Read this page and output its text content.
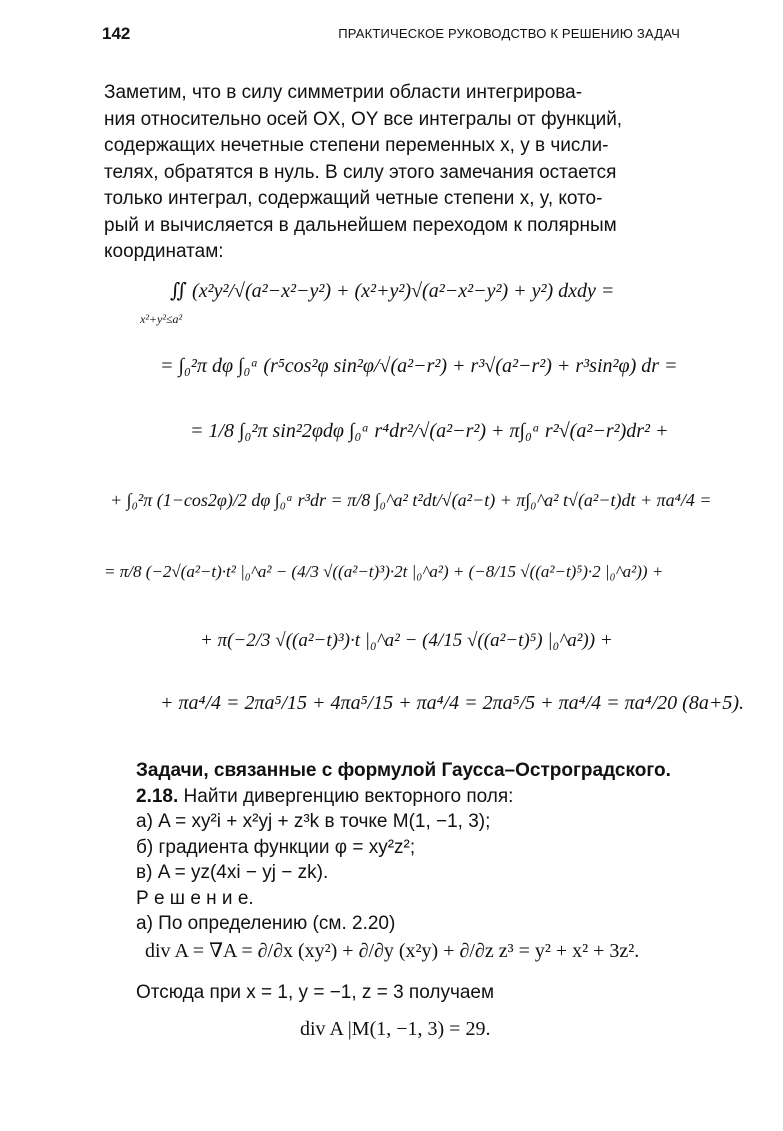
142	ПРАКТИЧЕСКОЕ РУКОВОДСТВО К РЕШЕНИЮ ЗАДАЧ
Заметим, что в силу симметрии области интегрирова-
ния относительно осей OX, OY все интегралы от функций,
содержащих нечетные степени переменных x, y в числи-
телях, обратятся в нуль. В силу этого замечания остается
только интеграл, содержащий четные степени x, y, кото-
рый и вычисляется в дальнейшем переходом к полярным
координатам:
∬ (x²y²/√(a²−x²−y²) + (x²+y²)√(a²−x²−y²) + y²) dxdy =
x²+y²≤a²
= ∫₀²π dφ ∫₀ᵃ (r⁵cos²φ sin²φ/√(a²−r²) + r³√(a²−r²) + r³sin²φ) dr =
= 1/8 ∫₀²π sin²2φdφ ∫₀ᵃ r⁴dr²/√(a²−r²) + π∫₀ᵃ r²√(a²−r²)dr² +
+ ∫₀²π (1−cos2φ)/2 dφ ∫₀ᵃ r³dr = π/8 ∫₀^a² t²dt/√(a²−t) + π∫₀^a² t√(a²−t)dt + πa⁴/4 =
= π/8 (−2√(a²−t)·t² |₀^a² − (4/3 √((a²−t)³)·2t |₀^a²) + (−8/15 √((a²−t)⁵)·2 |₀^a²)) +
+ π(−2/3 √((a²−t)³)·t |₀^a² − (4/15 √((a²−t)⁵) |₀^a²)) +
+ πa⁴/4 = 2πa⁵/15 + 4πa⁵/15 + πa⁴/4 = 2πa⁵/5 + πa⁴/4 = πa⁴/20 (8a+5).
Задачи, связанные с формулой Гаусса–Остроградского.
2.18. Найти дивергенцию векторного поля:
а) A = xy²i + x²yj + z³k в точке M(1, −1, 3);
б) градиента функции φ = xy²z²;
в) A = yz(4xi − yj − zk).
Р е ш е н и е.
а) По определению (см. 2.20)
div A = ∇A = ∂/∂x (xy²) + ∂/∂y (x²y) + ∂/∂z z³ = y² + x² + 3z².
Отсюда при x = 1, y = −1, z = 3 получаем
div A |M(1, −1, 3) = 29.
